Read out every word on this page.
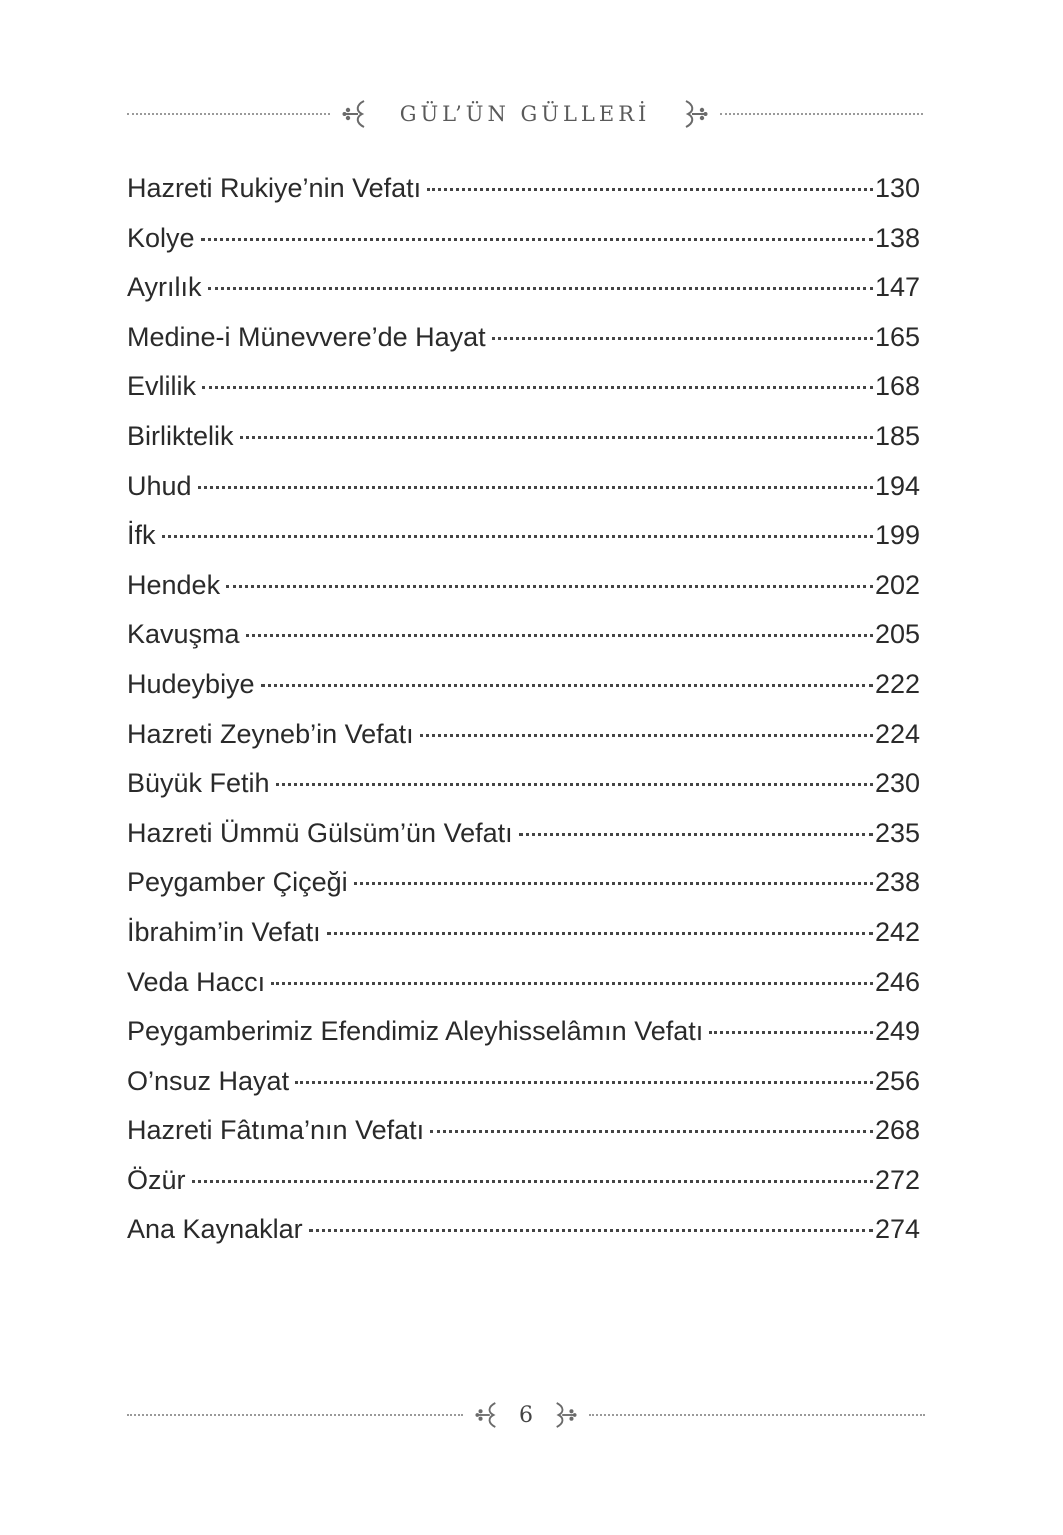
GÜL’ÜN GÜLLERİ
Hazreti Rukiye’nin Vefatı	130
Kolye	138
Ayrılık	147
Medine-i Münevvere’de Hayat	165
Evlilik	168
Birliktelik	185
Uhud	194
İfk	199
Hendek	202
Kavuşma	205
Hudeybiye	222
Hazreti Zeyneb’in Vefatı	224
Büyük Fetih	230
Hazreti Ümmü Gülsüm’ün Vefatı	235
Peygamber Çiçeği	238
İbrahim’in Vefatı	242
Veda Haccı	246
Peygamberimiz Efendimiz Aleyhisselâmın Vefatı	249
O’nsuz Hayat	256
Hazreti Fâtıma’nın Vefatı	268
Özür	272
Ana Kaynaklar	274
6
